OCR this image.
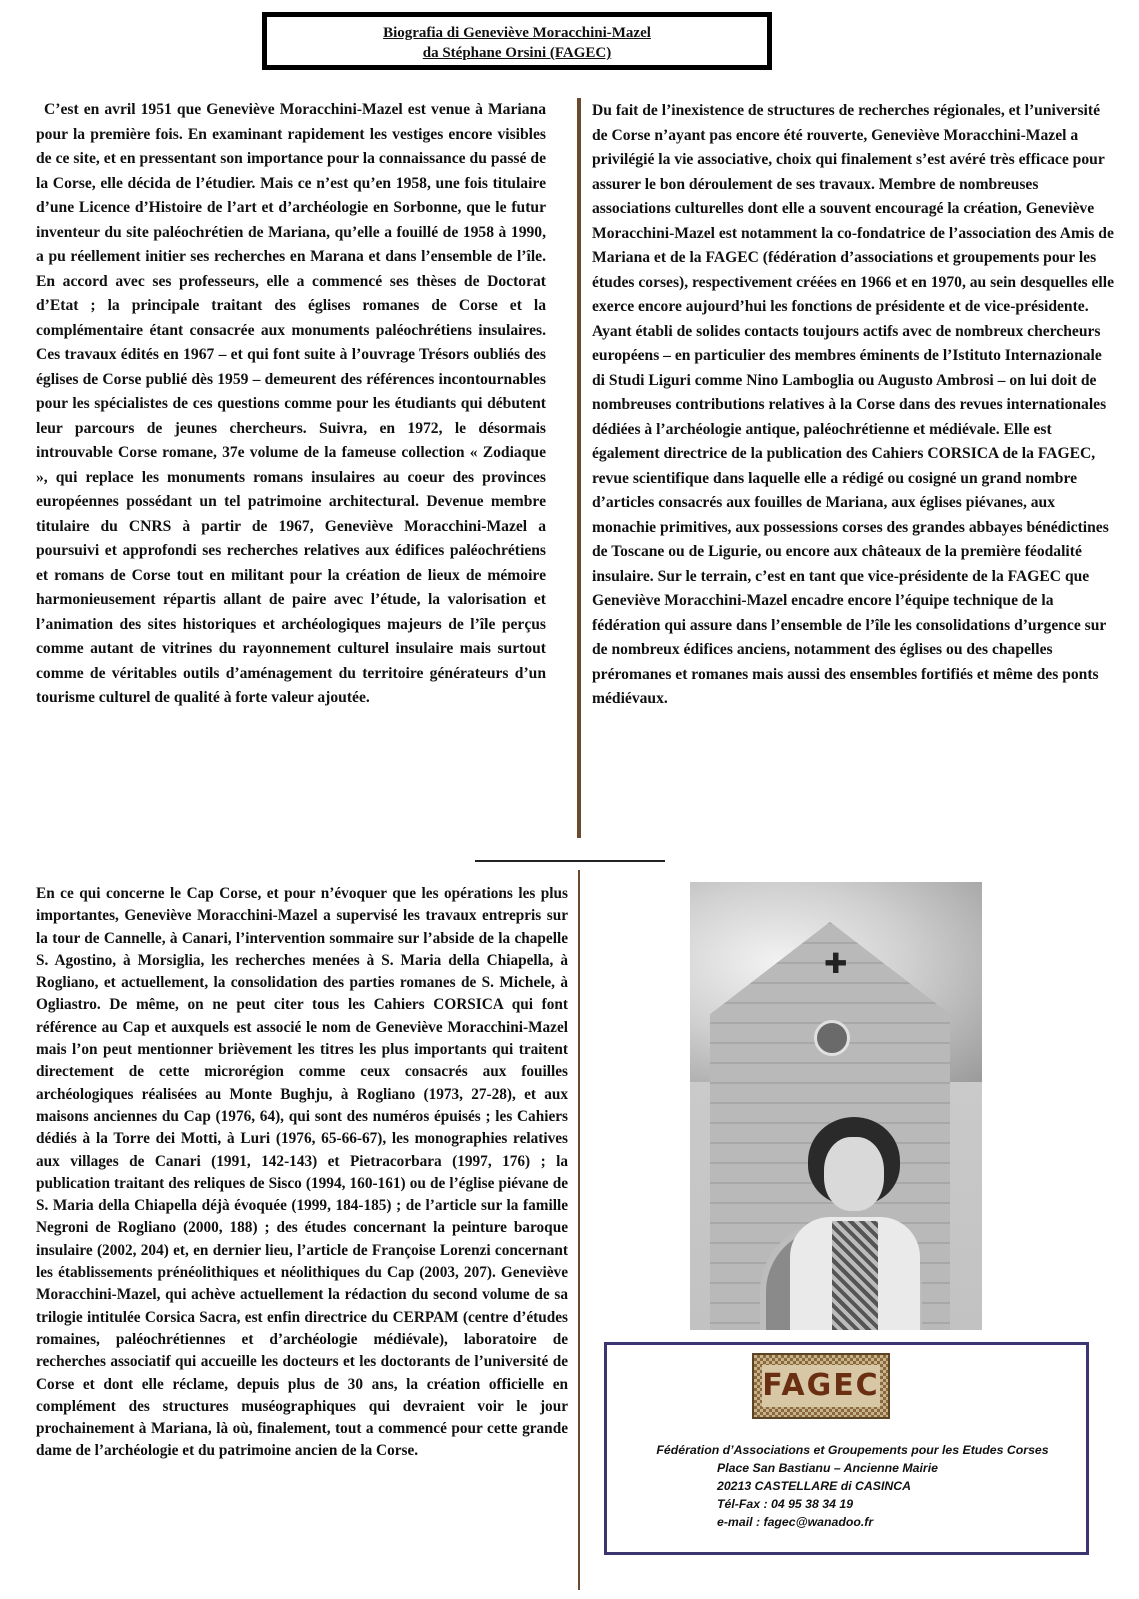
Biografia di Geneviève Moracchini-Mazel
da Stéphane Orsini (FAGEC)

C’est en avril 1951 que Geneviève Moracchini-Mazel est venue à Mariana pour la première fois. En examinant rapidement les vestiges encore visibles de ce site, et en pressentant son importance pour la connaissance du passé de la Corse, elle décida de l’étudier. Mais ce n’est qu’en 1958, une fois titulaire d’une Licence d’Histoire de l’art et d’archéologie en Sorbonne, que le futur inventeur du site paléochrétien de Mariana, qu’elle a fouillé de 1958 à 1990, a pu réellement initier ses recherches en Marana et dans l’ensemble de l’île. En accord avec ses professeurs, elle a commencé ses thèses de Doctorat d’Etat ; la principale traitant des églises romanes de Corse et la complémentaire étant consacrée aux monuments paléochrétiens insulaires. Ces travaux édités en 1967 – et qui font suite à l’ouvrage Trésors oubliés des églises de Corse publié dès 1959 – demeurent des références incontournables pour les spécialistes de ces questions comme pour les étudiants qui débutent leur parcours de jeunes chercheurs. Suivra, en 1972, le désormais introuvable Corse romane, 37e volume de la fameuse collection « Zodiaque », qui replace les monuments romans insulaires au coeur des provinces européennes possédant un tel patrimoine architectural. Devenue membre titulaire du CNRS à partir de 1967, Geneviève Moracchini-Mazel a poursuivi et approfondi ses recherches relatives aux édifices paléochrétiens et romans de Corse tout en militant pour la création de lieux de mémoire harmonieusement répartis allant de paire avec l’étude, la valorisation et l’animation des sites historiques et archéologiques majeurs de l’île perçus comme autant de vitrines du rayonnement culturel insulaire mais surtout comme de véritables outils d’aménagement du territoire générateurs d’un tourisme culturel de qualité à forte valeur ajoutée.

Du fait de l’inexistence de structures de recherches régionales, et l’université de Corse n’ayant pas encore été rouverte, Geneviève Moracchini-Mazel a privilégié la vie associative, choix qui finalement s’est avéré très efficace pour assurer le bon déroulement de ses travaux. Membre de nombreuses associations culturelles dont elle a souvent encouragé la création, Geneviève Moracchini-Mazel est notamment la co-fondatrice de l’association des Amis de Mariana et de la FAGEC (fédération d’associations et groupements pour les études corses), respectivement créées en 1966 et en 1970, au sein desquelles elle exerce encore aujourd’hui les fonctions de présidente et de vice-présidente. Ayant établi de solides contacts toujours actifs avec de nombreux chercheurs européens – en particulier des membres éminents de l’Istituto Internazionale di Studi Liguri comme Nino Lamboglia ou Augusto Ambrosi – on lui doit de nombreuses contributions relatives à la Corse dans des revues internationales dédiées à l’archéologie antique, paléochrétienne et médiévale. Elle est également directrice de la publication des Cahiers CORSICA de la FAGEC, revue scientifique dans laquelle elle a rédigé ou cosigné un grand nombre d’articles consacrés aux fouilles de Mariana, aux églises piévanes, aux monachie primitives, aux possessions corses des grandes abbayes bénédictines de Toscane ou de Ligurie, ou encore aux châteaux de la première féodalité insulaire. Sur le terrain, c’est en tant que vice-présidente de la FAGEC que Geneviève Moracchini-Mazel encadre encore l’équipe technique de la fédération qui assure dans l’ensemble de l’île les consolidations d’urgence sur de nombreux édifices anciens, notamment des églises ou des chapelles préromanes et romanes mais aussi des ensembles fortifiés et même des ponts médiévaux.

En ce qui concerne le Cap Corse, et pour n’évoquer que les opérations les plus importantes, Geneviève Moracchini-Mazel a supervisé les travaux entrepris sur la tour de Cannelle, à Canari, l’intervention sommaire sur l’abside de la chapelle S. Agostino, à Morsiglia, les recherches menées à S. Maria della Chiapella, à Rogliano, et actuellement, la consolidation des parties romanes de S. Michele, à Ogliastro. De même, on ne peut citer tous les Cahiers CORSICA qui font référence au Cap et auxquels est associé le nom de Geneviève Moracchini-Mazel mais l’on peut mentionner brièvement les titres les plus importants qui traitent directement de cette microrégion comme ceux consacrés aux fouilles archéologiques réalisées au Monte Bughju, à Rogliano (1973, 27-28), et aux maisons anciennes du Cap (1976, 64), qui sont des numéros épuisés ; les Cahiers dédiés à la Torre dei Motti, à Luri (1976, 65-66-67), les monographies relatives aux villages de Canari (1991, 142-143) et Pietracorbara (1997, 176) ; la publication traitant des reliques de Sisco (1994, 160-161) ou de l’église piévane de S. Maria della Chiapella déjà évoquée (1999, 184-185) ; de l’article sur la famille Negroni de Rogliano (2000, 188) ; des études concernant la peinture baroque insulaire (2002, 204) et, en dernier lieu, l’article de Françoise Lorenzi concernant les établissements prénéolithiques et néolithiques du Cap (2003, 207). Geneviève Moracchini-Mazel, qui achève actuellement la rédaction du second volume de sa trilogie intitulée Corsica Sacra, est enfin directrice du CERPAM (centre d’études romaines, paléochrétiennes et d’archéologie médiévale), laboratoire de recherches associatif qui accueille les docteurs et les doctorants de l’université de Corse et dont elle réclame, depuis plus de 30 ans, la création officielle en complément des structures muséographiques qui devraient voir le jour prochainement à Mariana, là où, finalement, tout a commencé pour cette grande dame de l’archéologie et du patrimoine ancien de la Corse.

✚
FAGEC
Fédération d’Associations et Groupements pour les Etudes Corses
Place San Bastianu – Ancienne Mairie
20213 CASTELLARE di CASINCA
Tél-Fax : 04 95 38 34 19
e-mail : fagec@wanadoo.fr
